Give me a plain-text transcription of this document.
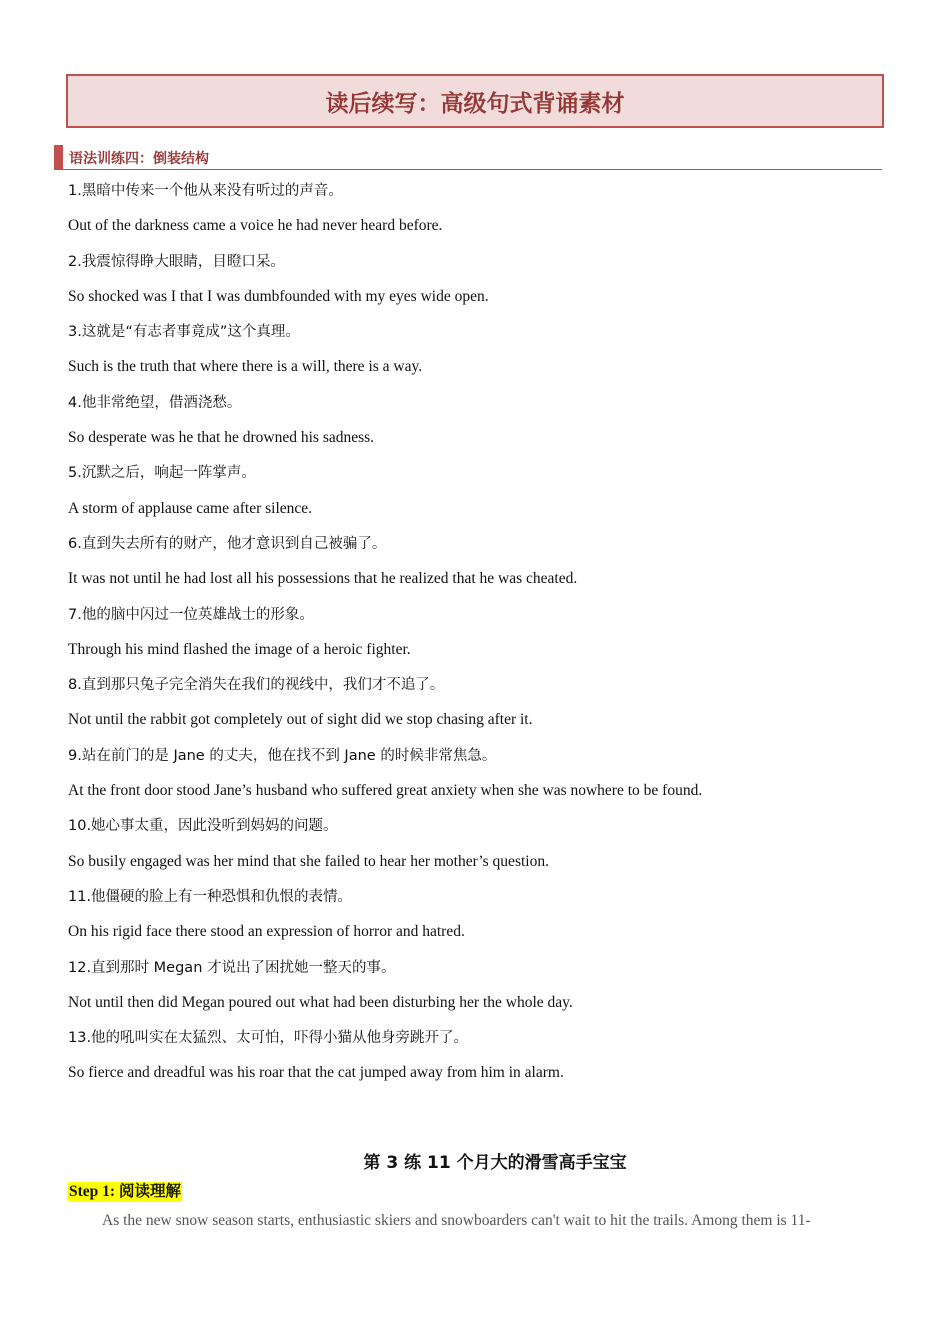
读后续写：高级句式背诵素材
语法训练四：倒装结构
1.黑暗中传来一个他从来没有听过的声音。
Out of the darkness came a voice he had never heard before.
2.我震惊得睁大眼睛，目瞪口呆。
So shocked was I that I was dumbfounded with my eyes wide open.
3.这就是“有志者事竟成”这个真理。
Such is the truth that where there is a will, there is a way.
4.他非常绝望，借酒浇愁。
So desperate was he that he drowned his sadness.
5.沉默之后，响起一阵掌声。
A storm of applause came after silence.
6.直到失去所有的财产，他才意识到自己被骗了。
It was not until he had lost all his possessions that he realized that he was cheated.
7.他的脑中闪过一位英雄战士的形象。
Through his mind flashed the image of a heroic fighter.
8.直到那只兔子完全消失在我们的视线中，我们才不追了。
Not until the rabbit got completely out of sight did we stop chasing after it.
9.站在前门的是 Jane 的丈夫，他在找不到 Jane 的时候非常焦急。
At the front door stood Jane’s husband who suffered great anxiety when she was nowhere to be found.
10.她心事太重，因此没听到妈妈的问题。
So busily engaged was her mind that she failed to hear her mother’s question.
11.他僵硬的脸上有一种恐惧和仇恨的表情。
On his rigid face there stood an expression of horror and hatred.
12.直到那时 Megan 才说出了困扰她一整天的事。
Not until then did Megan poured out what had been disturbing her the whole day.
13.他的吼叫实在太猛烈、太可怕，吓得小猫从他身旁跳开了。
So fierce and dreadful was his roar that the cat jumped away from him in alarm.
第 3 练 11 个月大的滑雪高手宝宝
Step 1: 阅读理解
As the new snow season starts, enthusiastic skiers and snowboarders can't wait to hit the trails. Among them is 11-
